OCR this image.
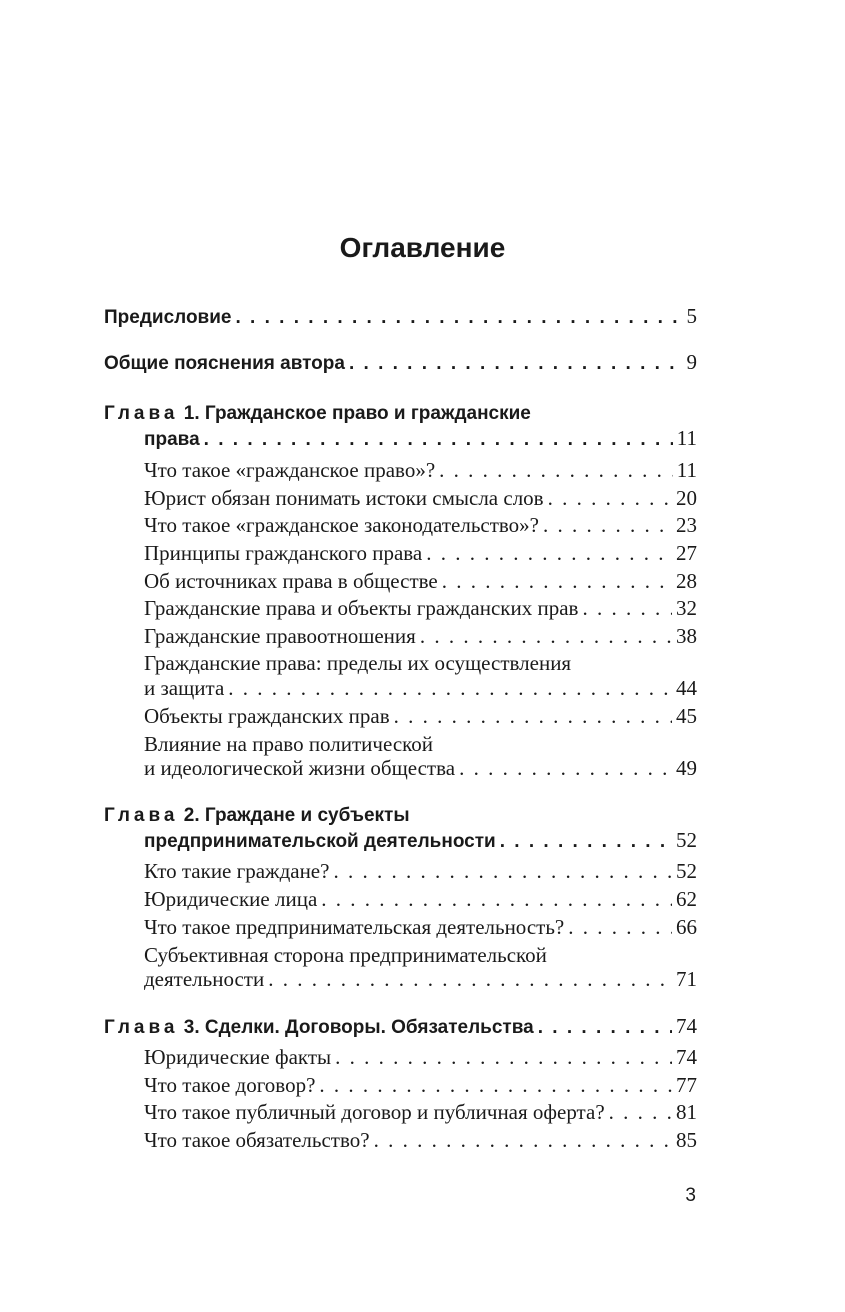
Оглавление
Предисловие . . .	5
Общие пояснения автора . . .	9
Глава 1. Гражданское право и гражданские
права . . .	11
Что такое «гражданское право»? . . .	11
Юрист обязан понимать истоки смысла слов . . .	20
Что такое «гражданское законодательство»? . . .	23
Принципы гражданского права . . .	27
Об источниках права в обществе . . .	28
Гражданские права и объекты гражданских прав . . .	32
Гражданские правоотношения . . .	38
Гражданские права: пределы их осуществления
и защита . . .	44
Объекты гражданских прав . . .	45
Влияние на право политической
и идеологической жизни общества . . .	49
Глава 2. Граждане и субъекты
предпринимательской деятельности . . .	52
Кто такие граждане? . . .	52
Юридические лица . . .	62
Что такое предпринимательская деятельность? . . .	66
Субъективная сторона предпринимательской
деятельности . . .	71
Глава 3. Сделки. Договоры. Обязательства . . .	74
Юридические факты . . .	74
Что такое договор? . . .	77
Что такое публичный договор и публичная оферта? . . .	81
Что такое обязательство? . . .	85
3
